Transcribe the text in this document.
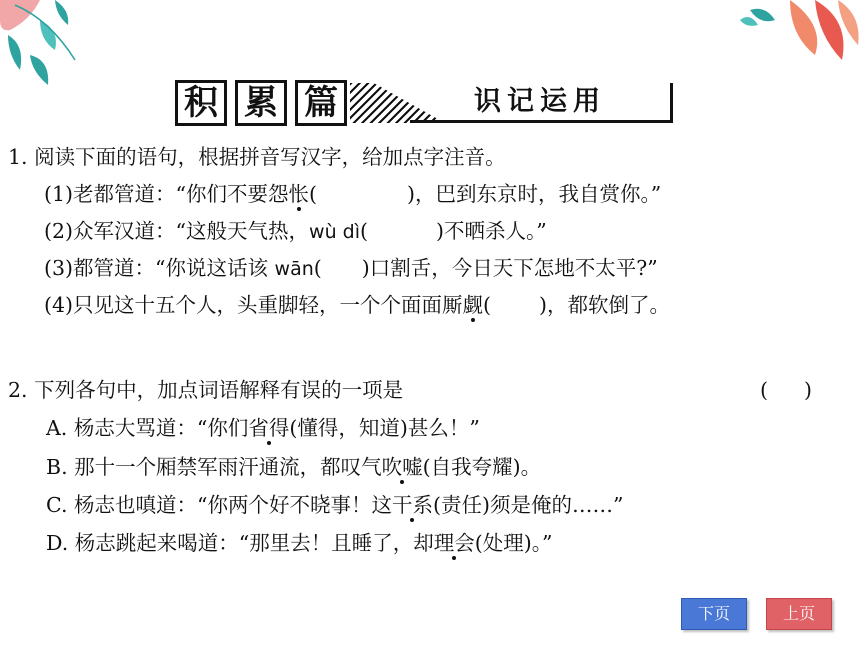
积 累 篇	识记运用
1. 阅读下面的语句，根据拼音写汉字，给加点字注音。
(1)老都管道：“你们不要怨怅(	)，巴到东京时，我自赏你。”
(2)众军汉道：“这般天气热，wù dì(	)不晒杀人。”
(3)都管道：“你说这话该 wān( )口割舌，今日天下怎地不太平?”
(4)只见这十五个人，头重脚轻，一个个面面厮觑( )，都软倒了。
2. 下列各句中，加点词语解释有误的一项是	( )
A. 杨志大骂道：“你们省得(懂得，知道)甚么！”
B. 那十一个厢禁军雨汗通流，都叹气吹嘘(自我夸耀)。
C. 杨志也嗔道：“你两个好不晓事！这干系(责任)须是俺的……”
D. 杨志跳起来喝道：“那里去！且睡了，却理会(处理)。”
下页	上页
